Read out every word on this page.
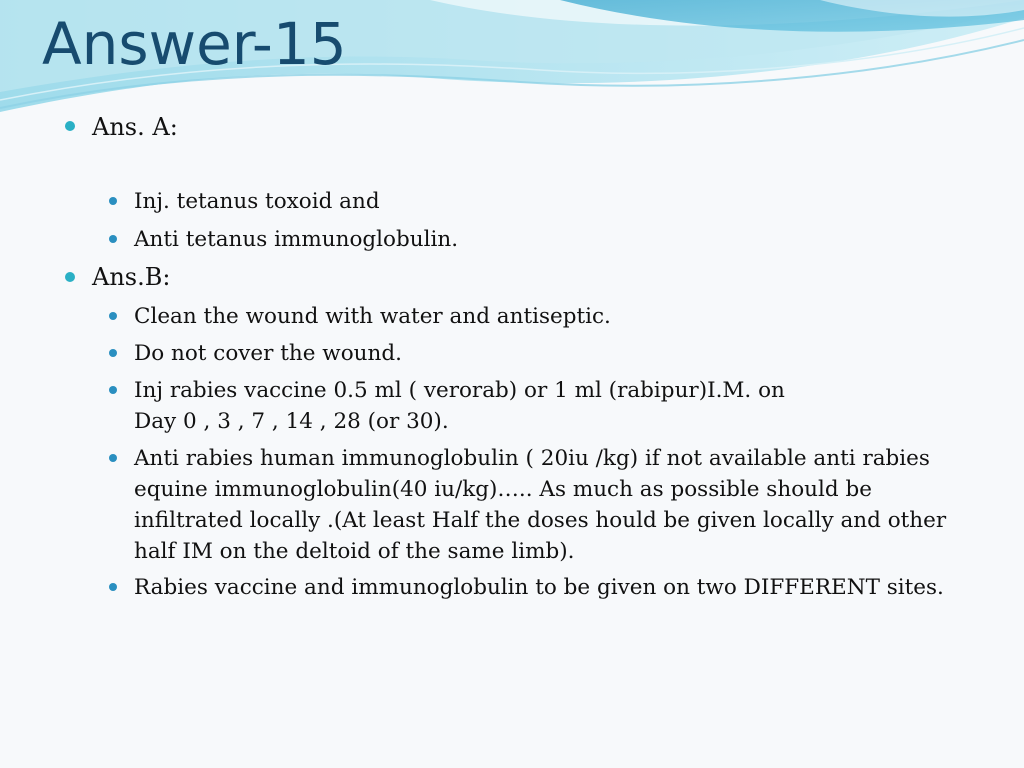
Answer-15

Ans. A:

Inj. tetanus toxoid and

Anti tetanus immunoglobulin.

Ans.B:

Clean the wound with water and antiseptic.

Do not cover the wound.

Inj rabies vaccine 0.5 ml ( verorab) or 1 ml (rabipur)I.M. on

Day 0 , 3 , 7 , 14 , 28 (or 30).

Anti rabies human immunoglobulin ( 20iu /kg) if not available anti rabies

equine immunoglobulin(40 iu/kg)….. As much as possible should be

infiltrated locally .(At least Half the doses hould be given locally and other

half IM on the deltoid of the same limb).

Rabies vaccine and immunoglobulin to be given on two DIFFERENT sites.
